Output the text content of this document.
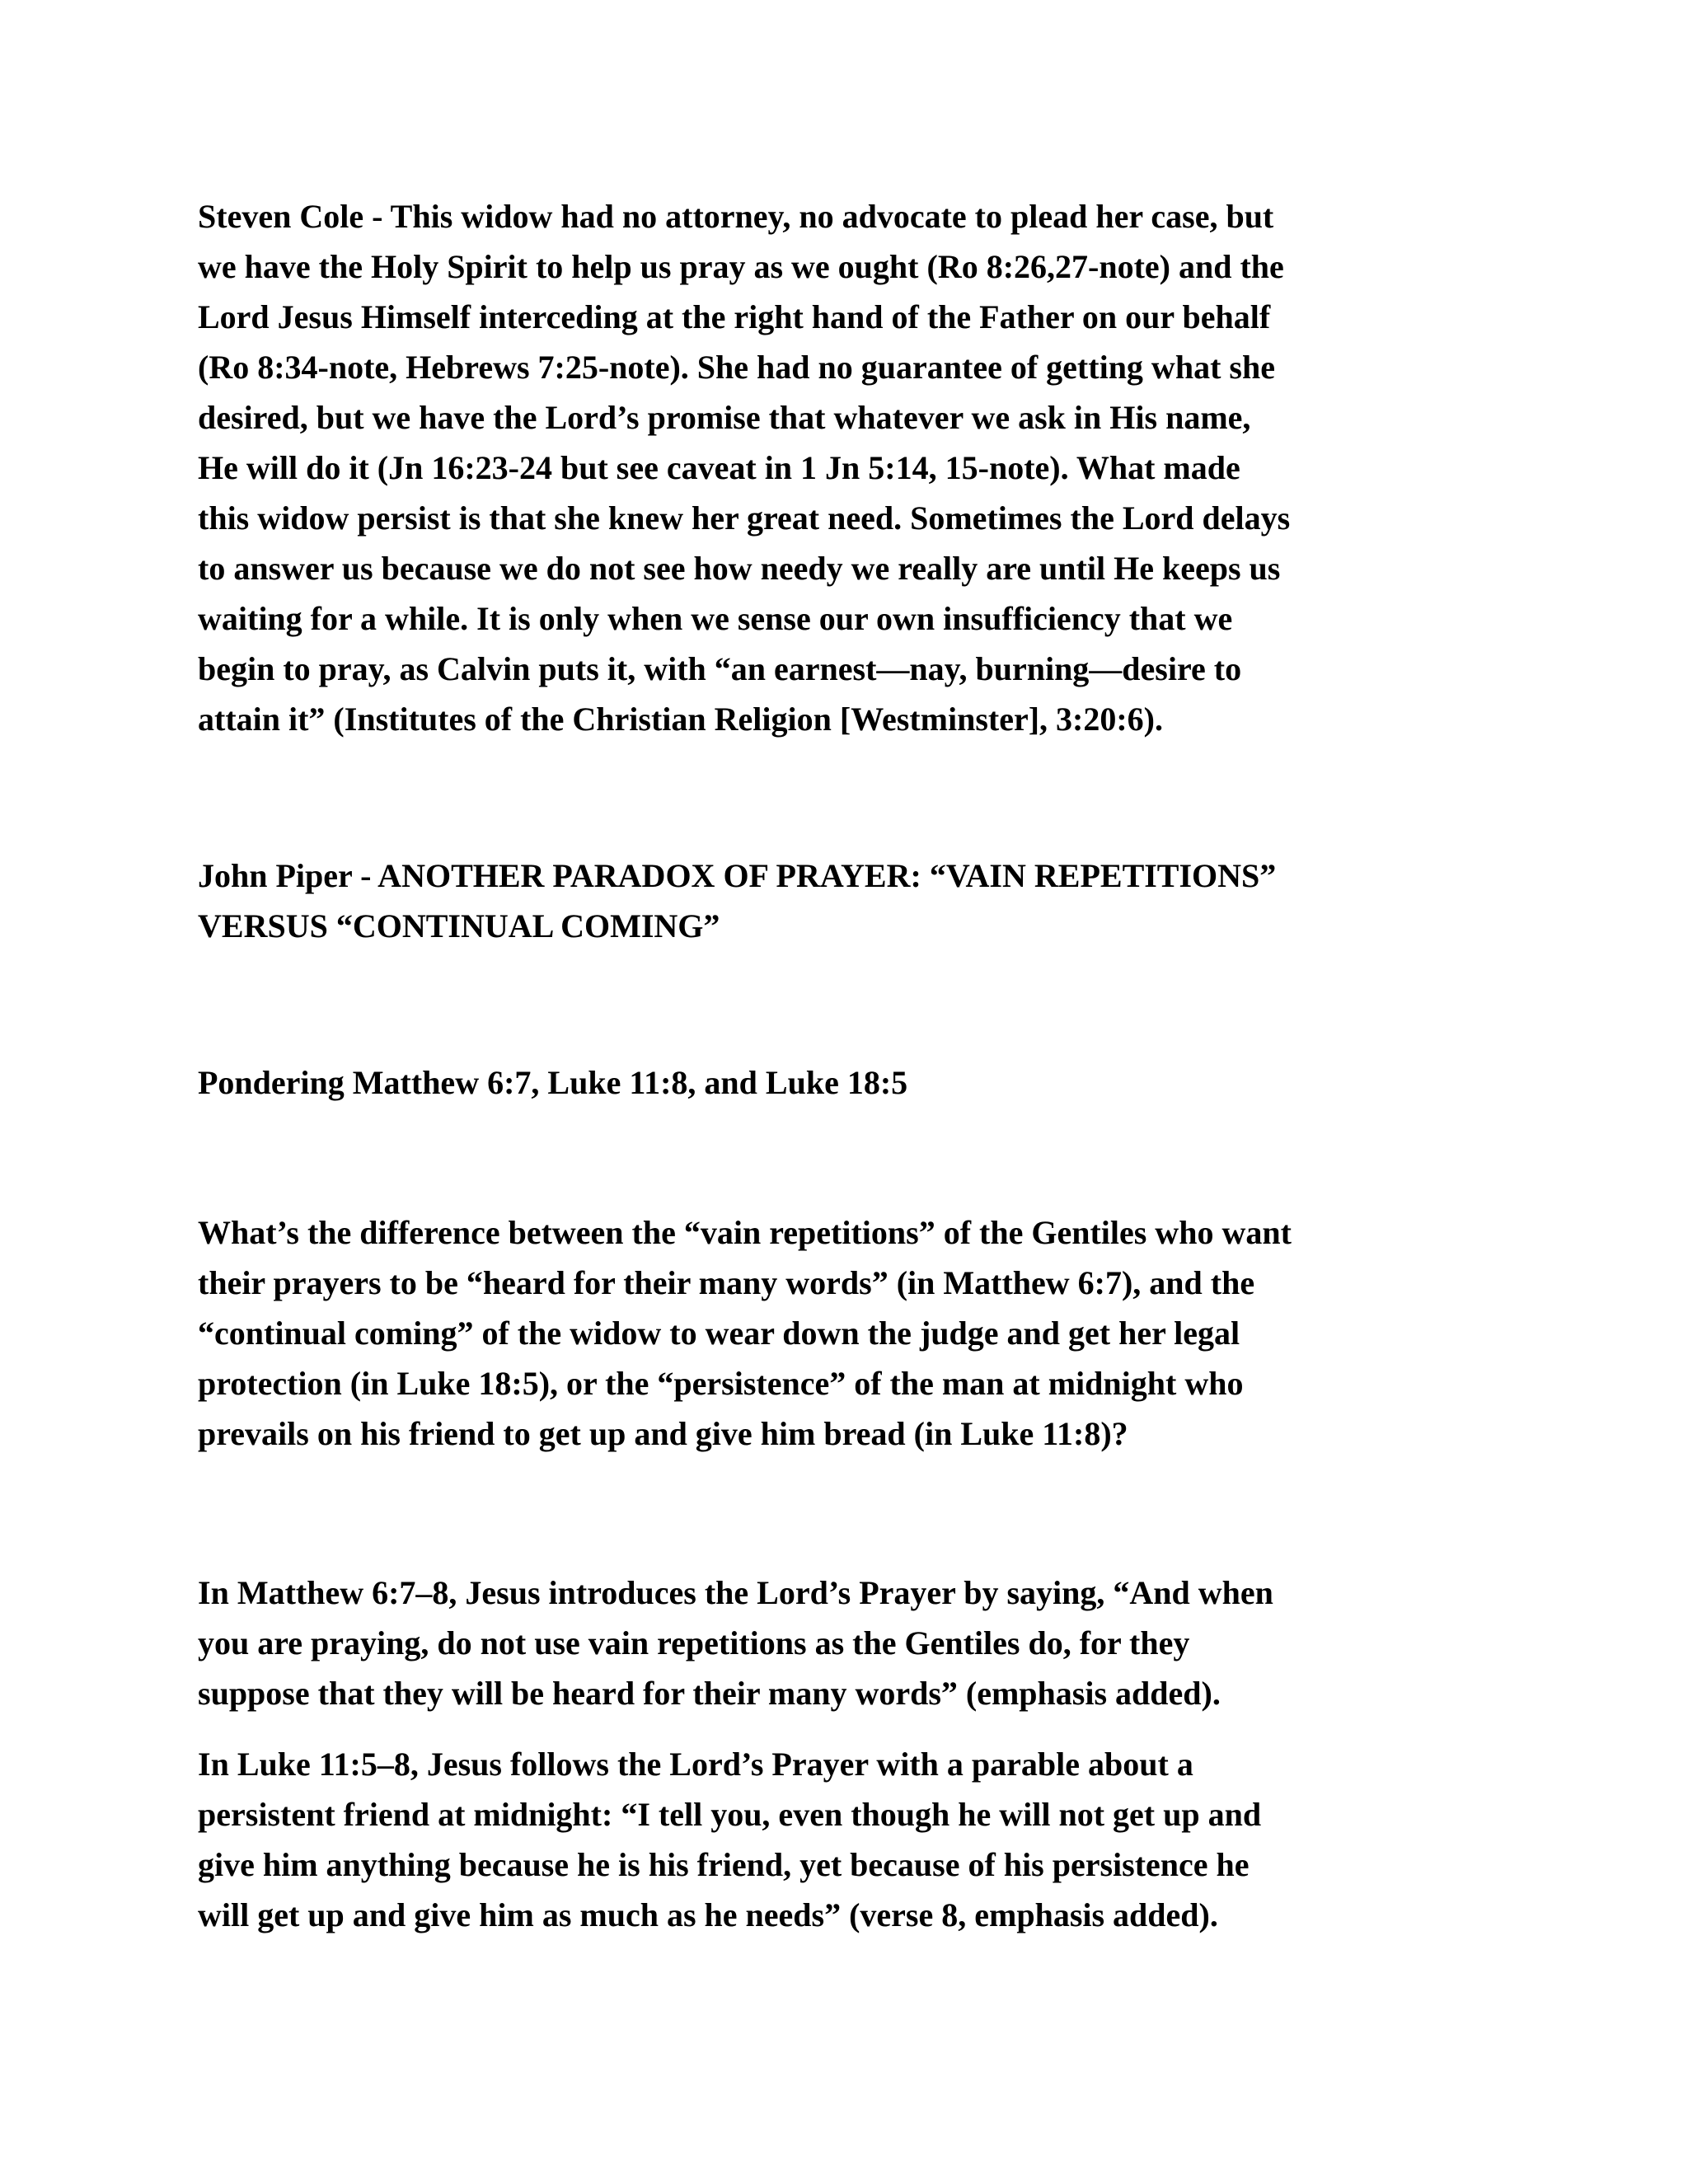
Steven Cole - This widow had no attorney, no advocate to plead her case, but
we have the Holy Spirit to help us pray as we ought (Ro 8:26,27-note) and the
Lord Jesus Himself interceding at the right hand of the Father on our behalf
(Ro 8:34-note, Hebrews 7:25-note). She had no guarantee of getting what she
desired, but we have the Lord’s promise that whatever we ask in His name,
He will do it (Jn 16:23-24 but see caveat in 1 Jn 5:14, 15-note). What made
this widow persist is that she knew her great need. Sometimes the Lord delays
to answer us because we do not see how needy we really are until He keeps us
waiting for a while. It is only when we sense our own insufficiency that we
begin to pray, as Calvin puts it, with “an earnest—nay, burning—desire to
attain it” (Institutes of the Christian Religion [Westminster], 3:20:6).

John Piper - ANOTHER PARADOX OF PRAYER: “VAIN REPETITIONS”
VERSUS “CONTINUAL COMING”

Pondering Matthew 6:7, Luke 11:8, and Luke 18:5

What’s the difference between the “vain repetitions” of the Gentiles who want
their prayers to be “heard for their many words” (in Matthew 6:7), and the
“continual coming” of the widow to wear down the judge and get her legal
protection (in Luke 18:5), or the “persistence” of the man at midnight who
prevails on his friend to get up and give him bread (in Luke 11:8)?

In Matthew 6:7–8, Jesus introduces the Lord’s Prayer by saying, “And when
you are praying, do not use vain repetitions as the Gentiles do, for they
suppose that they will be heard for their many words” (emphasis added).

In Luke 11:5–8, Jesus follows the Lord’s Prayer with a parable about a
persistent friend at midnight: “I tell you, even though he will not get up and
give him anything because he is his friend, yet because of his persistence he
will get up and give him as much as he needs” (verse 8, emphasis added).
